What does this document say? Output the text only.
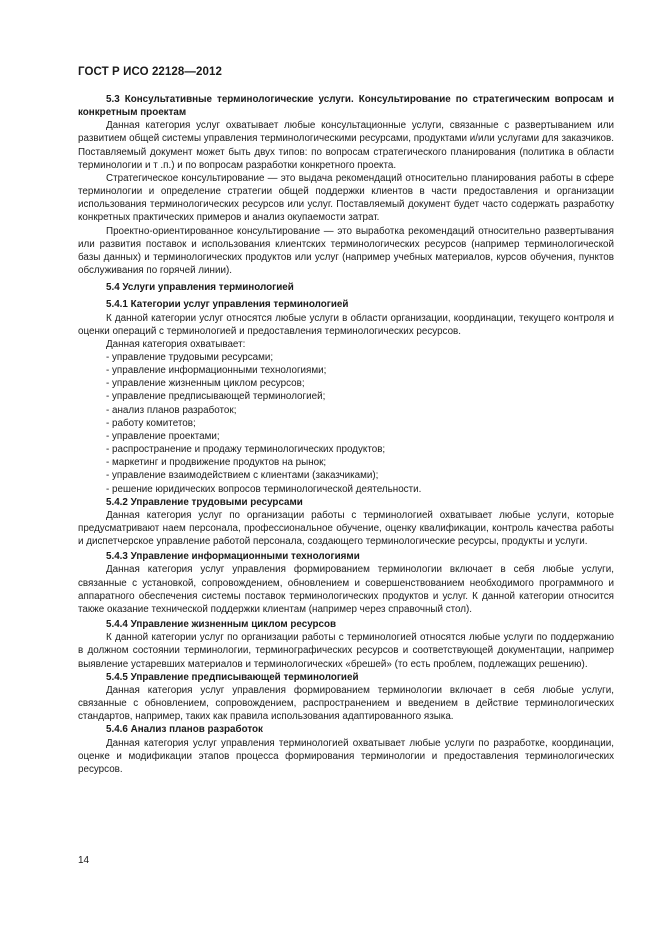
ГОСТ Р ИСО 22128—2012

5.3 Консультативные терминологические услуги. Консультирование по стратегическим вопросам и конкретным проектам

Данная категория услуг охватывает любые консультационные услуги, связанные с развертыванием или развитием общей системы управления терминологическими ресурсами, продуктами и/или услугами для заказчиков. Поставляемый документ может быть двух типов: по вопросам стратегического планирования (политика в области терминологии и т .п.) и по вопросам разработки конкретного проекта.

Стратегическое консультирование — это выдача рекомендаций относительно планирования работы в сфере терминологии и определение стратегии общей поддержки клиентов в части предоставления и организации использования терминологических ресурсов или услуг. Поставляемый документ будет часто содержать разработку конкретных практических примеров и анализ окупаемости затрат.

Проектно-ориентированное консультирование — это выработка рекомендаций относительно развертывания или развития поставок и использования клиентских терминологических ресурсов (например терминологической базы данных) и терминологических продуктов или услуг (например учебных материалов, курсов обучения, пунктов обслуживания по горячей линии).

5.4 Услуги управления терминологией

5.4.1 Категории услуг управления терминологией

К данной категории услуг относятся любые услуги в области организации, координации, текущего контроля и оценки операций с терминологией и предоставления терминологических ресурсов.

Данная категория охватывает:

- управление трудовыми ресурсами;
- управление информационными технологиями;
- управление жизненным циклом ресурсов;
- управление предписывающей терминологией;
- анализ планов разработок;
- работу комитетов;
- управление проектами;
- распространение и продажу терминологических продуктов;
- маркетинг и продвижение продуктов на рынок;
- управление взаимодействием с клиентами (заказчиками);
- решение юридических вопросов терминологической деятельности.

5.4.2 Управление трудовыми ресурсами

Данная категория услуг по организации работы с терминологией охватывает любые услуги, которые предусматривают наем персонала, профессиональное обучение, оценку квалификации, контроль качества работы и диспетчерское управление работой персонала, создающего терминологические ресурсы, продукты и услуги.

5.4.3 Управление информационными технологиями

Данная категория услуг управления формированием терминологии включает в себя любые услуги, связанные с установкой, сопровождением, обновлением и совершенствованием необходимого программного и аппаратного обеспечения системы поставок терминологических продуктов и услуг. К данной категории относится также оказание технической поддержки клиентам (например через справочный стол).

5.4.4 Управление жизненным циклом ресурсов

К данной категории услуг по организации работы с терминологией относятся любые услуги по поддержанию в должном состоянии терминологии, терминографических ресурсов и соответствующей документации, например выявление устаревших материалов и терминологических «брешей» (то есть проблем, подлежащих решению).

5.4.5 Управление предписывающей терминологией

Данная категория услуг управления формированием терминологии включает в себя любые услуги, связанные с обновлением, сопровождением, распространением и введением в действие терминологических стандартов, например, таких как правила использования адаптированного языка.

5.4.6 Анализ планов разработок

Данная категория услуг управления терминологией охватывает любые услуги по разработке, координации, оценке и модификации этапов процесса формирования терминологии и предоставления терминологических ресурсов.

14
